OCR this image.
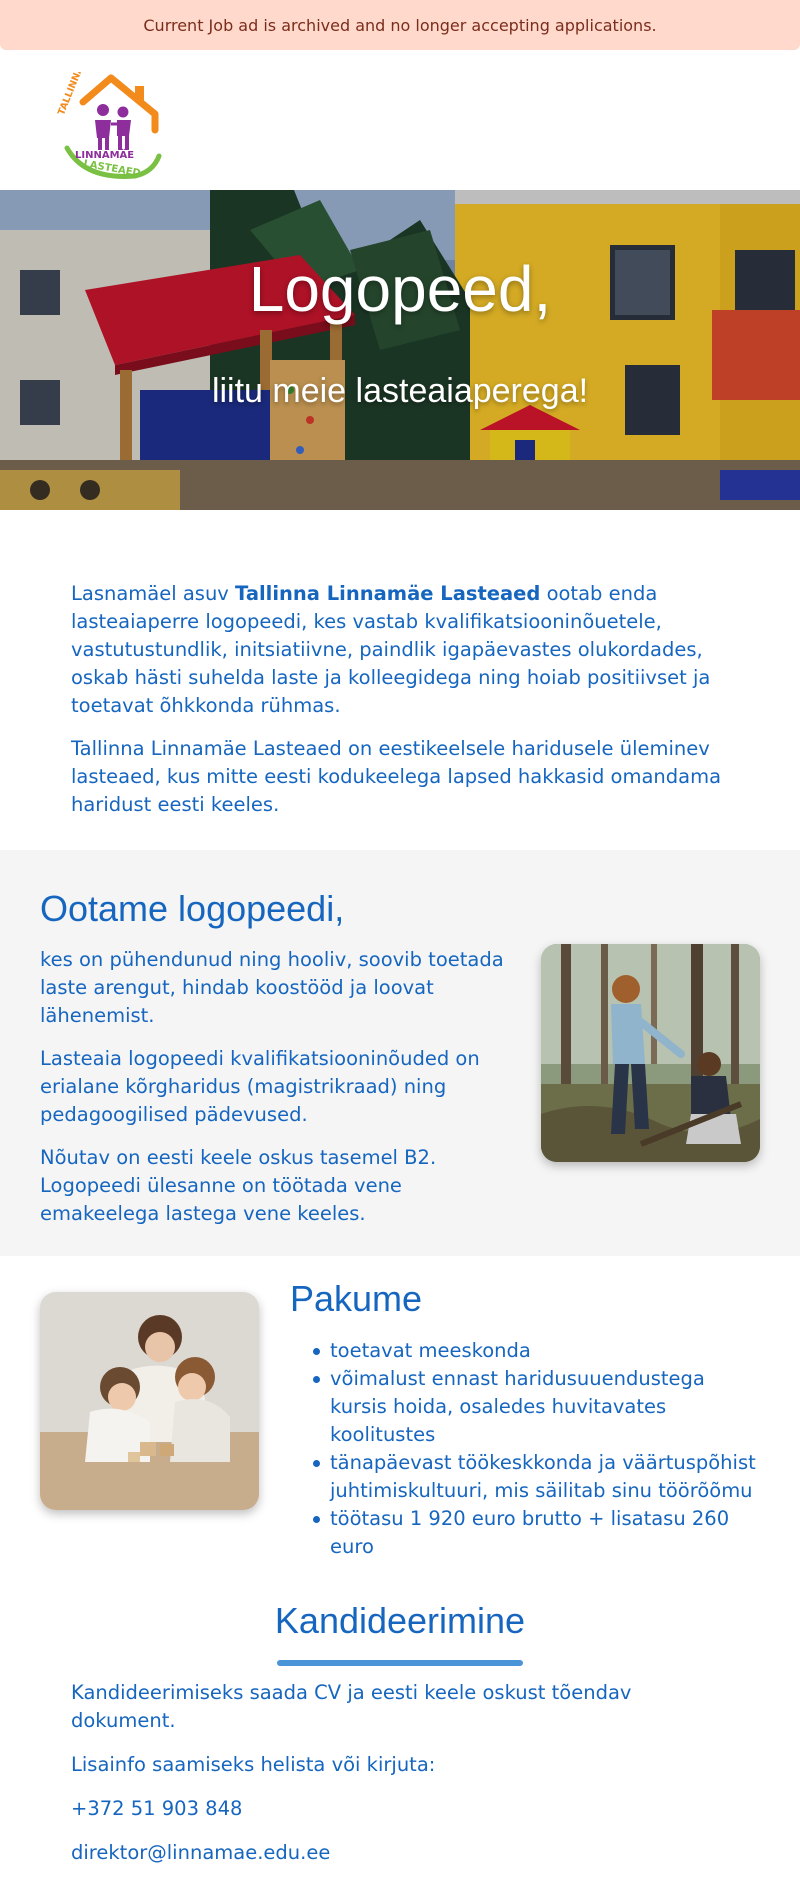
Current Job ad is archived and no longer accepting applications.
TALLINNA
LINNAMÄE
LASTEAED
Logopeed,
liitu meie lasteaiaperega!

Lasnamäel asuv Tallinna Linnamäe Lasteaed ootab enda lasteaiaperre logopeedi, kes vastab kvalifikatsiooninõuetele, vastutustundlik, initsiatiivne, paindlik igapäevastes olukordades, oskab hästi suhelda laste ja kolleegidega ning hoiab positiivset ja toetavat õhkkonda rühmas.

Tallinna Linnamäe Lasteaed on eestikeelsele haridusele üleminev lasteaed, kus mitte eesti kodukeelega lapsed hakkasid omandama haridust eesti keeles.

Ootame logopeedi,

kes on pühendunud ning hooliv, soovib toetada laste arengut, hindab koostööd ja loovat lähenemist.

Lasteaia logopeedi kvalifikatsiooninõuded on erialane kõrgharidus (magistrikraad) ning pedagoogilised pädevused.

Nõutav on eesti keele oskus tasemel B2. Logopeedi ülesanne on töötada vene emakeelega lastega vene keeles.

Pakume
toetavat meeskonda
võimalust ennast haridusuuendustega kursis hoida, osaledes huvitavates koolitustes
tänapäevast töökeskkonda ja väärtuspõhist juhtimiskultuuri, mis säilitab sinu töörõõmu
töötasu 1 920 euro brutto + lisatasu 260 euro
Kandideerimine

Kandideerimiseks saada CV ja eesti keele oskust tõendav dokument.

Lisainfo saamiseks helista või kirjuta:

+372 51 903 848

direktor@linnamae.edu.ee
